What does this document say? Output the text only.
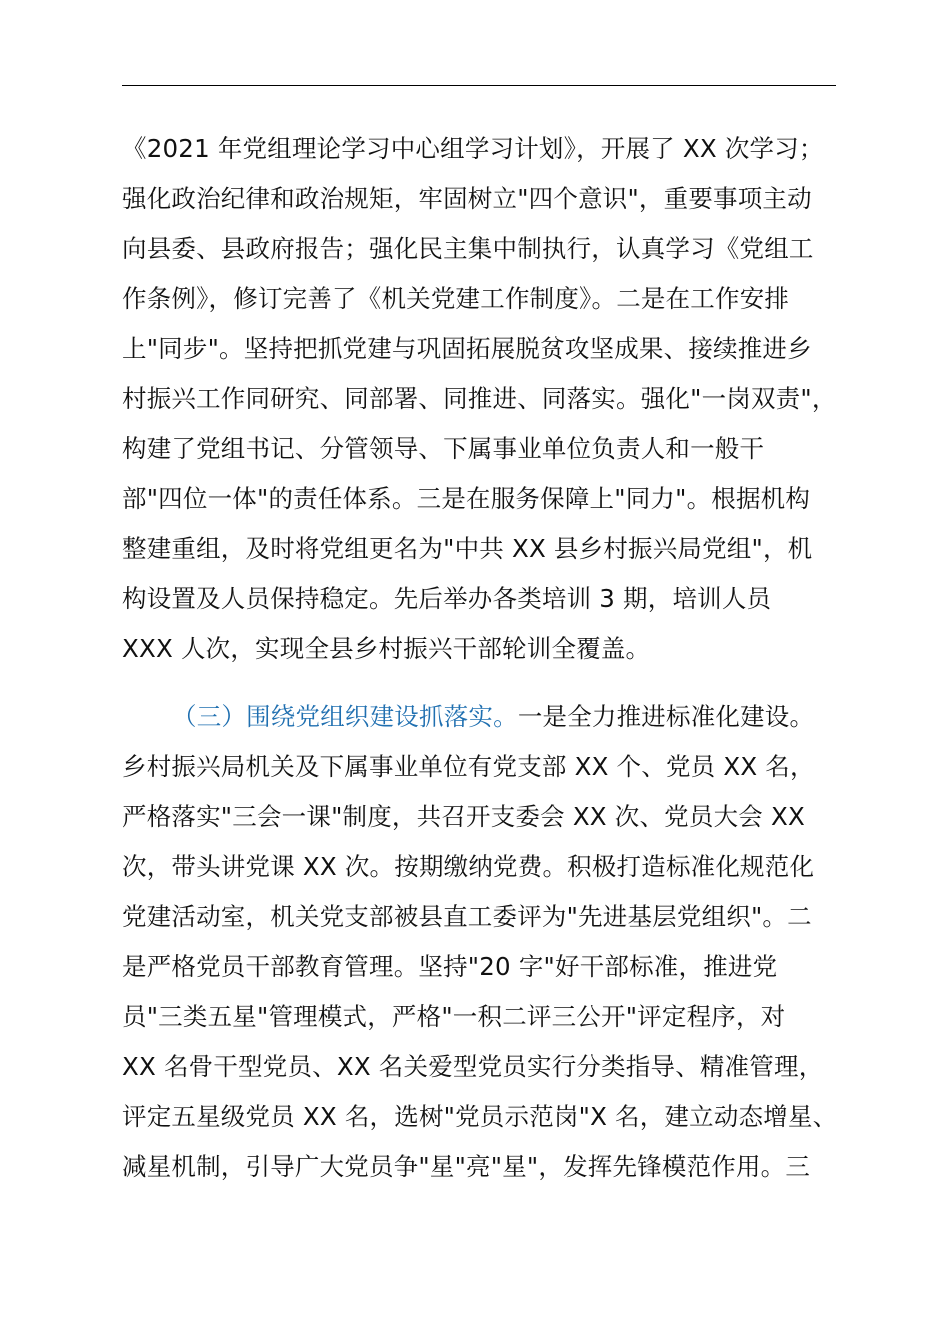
《2021 年党组理论学习中心组学习计划》，开展了 XX 次学习；
强化政治纪律和政治规矩，牢固树立"四个意识"，重要事项主动
向县委、县政府报告；强化民主集中制执行，认真学习《党组工
作条例》，修订完善了《机关党建工作制度》。二是在工作安排
上"同步"。坚持把抓党建与巩固拓展脱贫攻坚成果、接续推进乡
村振兴工作同研究、同部署、同推进、同落实。强化"一岗双责"，
构建了党组书记、分管领导、下属事业单位负责人和一般干
部"四位一体"的责任体系。三是在服务保障上"同力"。根据机构
整建重组，及时将党组更名为"中共 XX 县乡村振兴局党组"，机
构设置及人员保持稳定。先后举办各类培训 3 期，培训人员
XXX 人次，实现全县乡村振兴干部轮训全覆盖。
（三）围绕党组织建设抓落实。一是全力推进标准化建设。
乡村振兴局机关及下属事业单位有党支部 XX 个、党员 XX 名，
严格落实"三会一课"制度，共召开支委会 XX 次、党员大会 XX
次，带头讲党课 XX 次。按期缴纳党费。积极打造标准化规范化
党建活动室，机关党支部被县直工委评为"先进基层党组织"。二
是严格党员干部教育管理。坚持"20 字"好干部标准，推进党
员"三类五星"管理模式，严格"一积二评三公开"评定程序，对
XX 名骨干型党员、XX 名关爱型党员实行分类指导、精准管理，
评定五星级党员 XX 名，选树"党员示范岗"X 名，建立动态增星、
减星机制，引导广大党员争"星"亮"星"，发挥先锋模范作用。三
